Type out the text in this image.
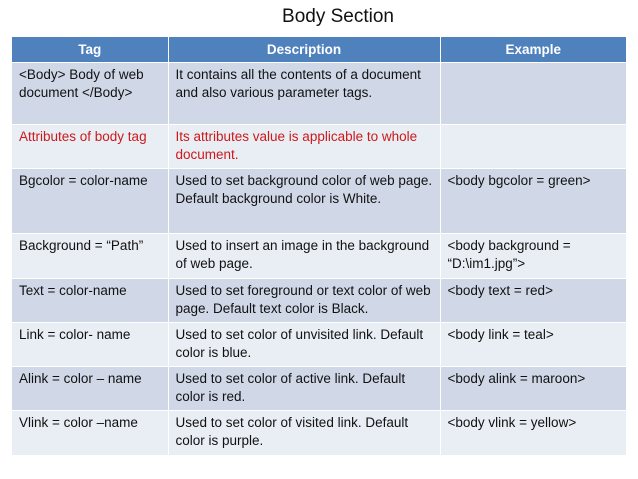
Body Section
Tag	Description	Example
<Body> Body of web document </Body>	It contains all the contents of a document and also various parameter tags.	
Attributes of body tag	Its attributes value is applicable to whole document.	
Bgcolor = color-name	Used to set background color of web page. Default background color is White.	<body bgcolor = green>
Background = “Path”	Used to insert an image in the background of web page.	<body background = “D:\im1.jpg”>
Text = color-name	Used to set foreground or text color of web page. Default text color is Black.	<body text = red>
Link = color- name	Used to set color of unvisited link. Default color is blue.	<body link = teal>
Alink = color – name	Used to set color of active link. Default color is red.	<body alink = maroon>
Vlink = color –name	Used to set color of visited link. Default color is purple.	<body vlink = yellow>
